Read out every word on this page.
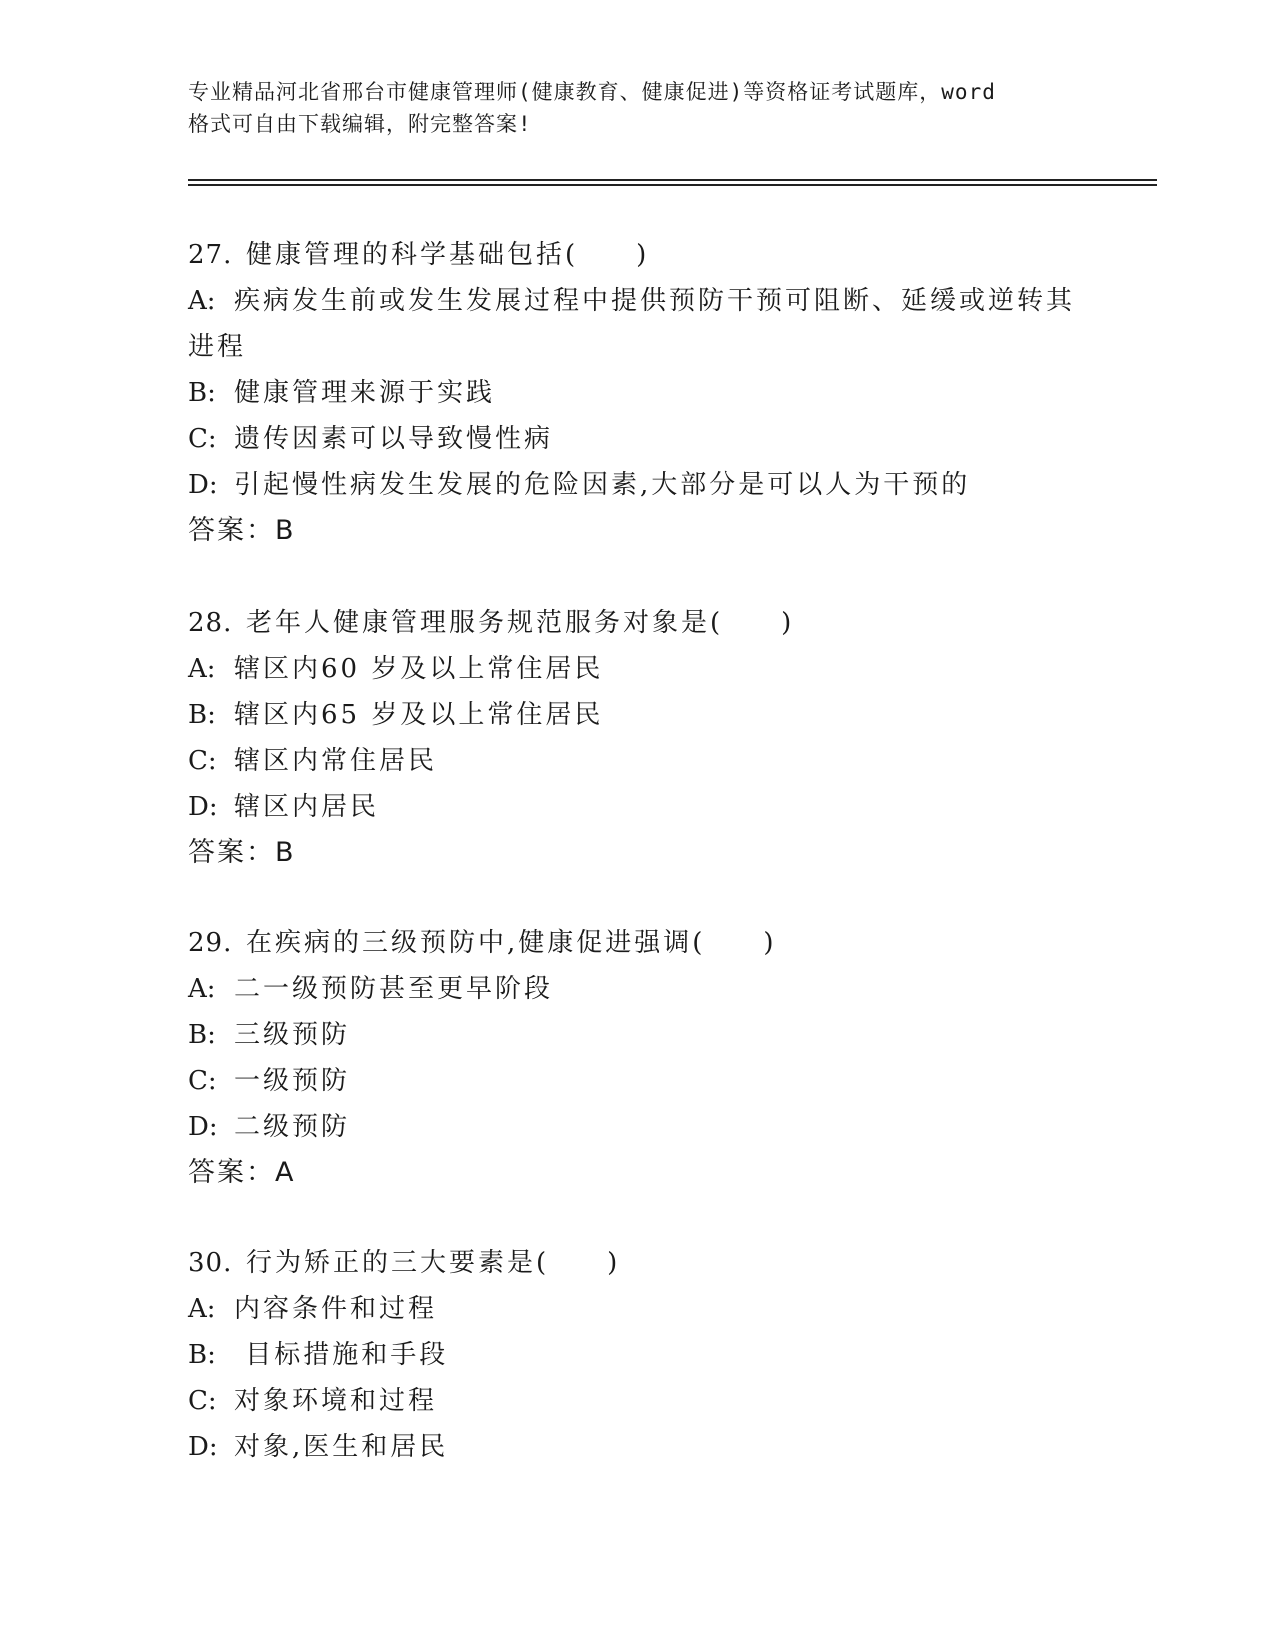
专业精品河北省邢台市健康管理师(健康教育、健康促进)等资格证考试题库，word
格式可自由下载编辑，附完整答案!
27. 健康管理的科学基础包括(　　)
A: 疾病发生前或发生发展过程中提供预防干预可阻断、延缓或逆转其
进程
B: 健康管理来源于实践
C: 遗传因素可以导致慢性病
D: 引起慢性病发生发展的危险因素,大部分是可以人为干预的
答案：B
28. 老年人健康管理服务规范服务对象是(　　)
A: 辖区内60 岁及以上常住居民
B: 辖区内65 岁及以上常住居民
C: 辖区内常住居民
D: 辖区内居民
答案：B
29. 在疾病的三级预防中,健康促进强调(　　)
A: 二一级预防甚至更早阶段
B: 三级预防
C: 一级预防
D: 二级预防
答案：A
30. 行为矫正的三大要素是(　　)
A: 内容条件和过程
B: 目标措施和手段
C: 对象环境和过程
D: 对象,医生和居民
